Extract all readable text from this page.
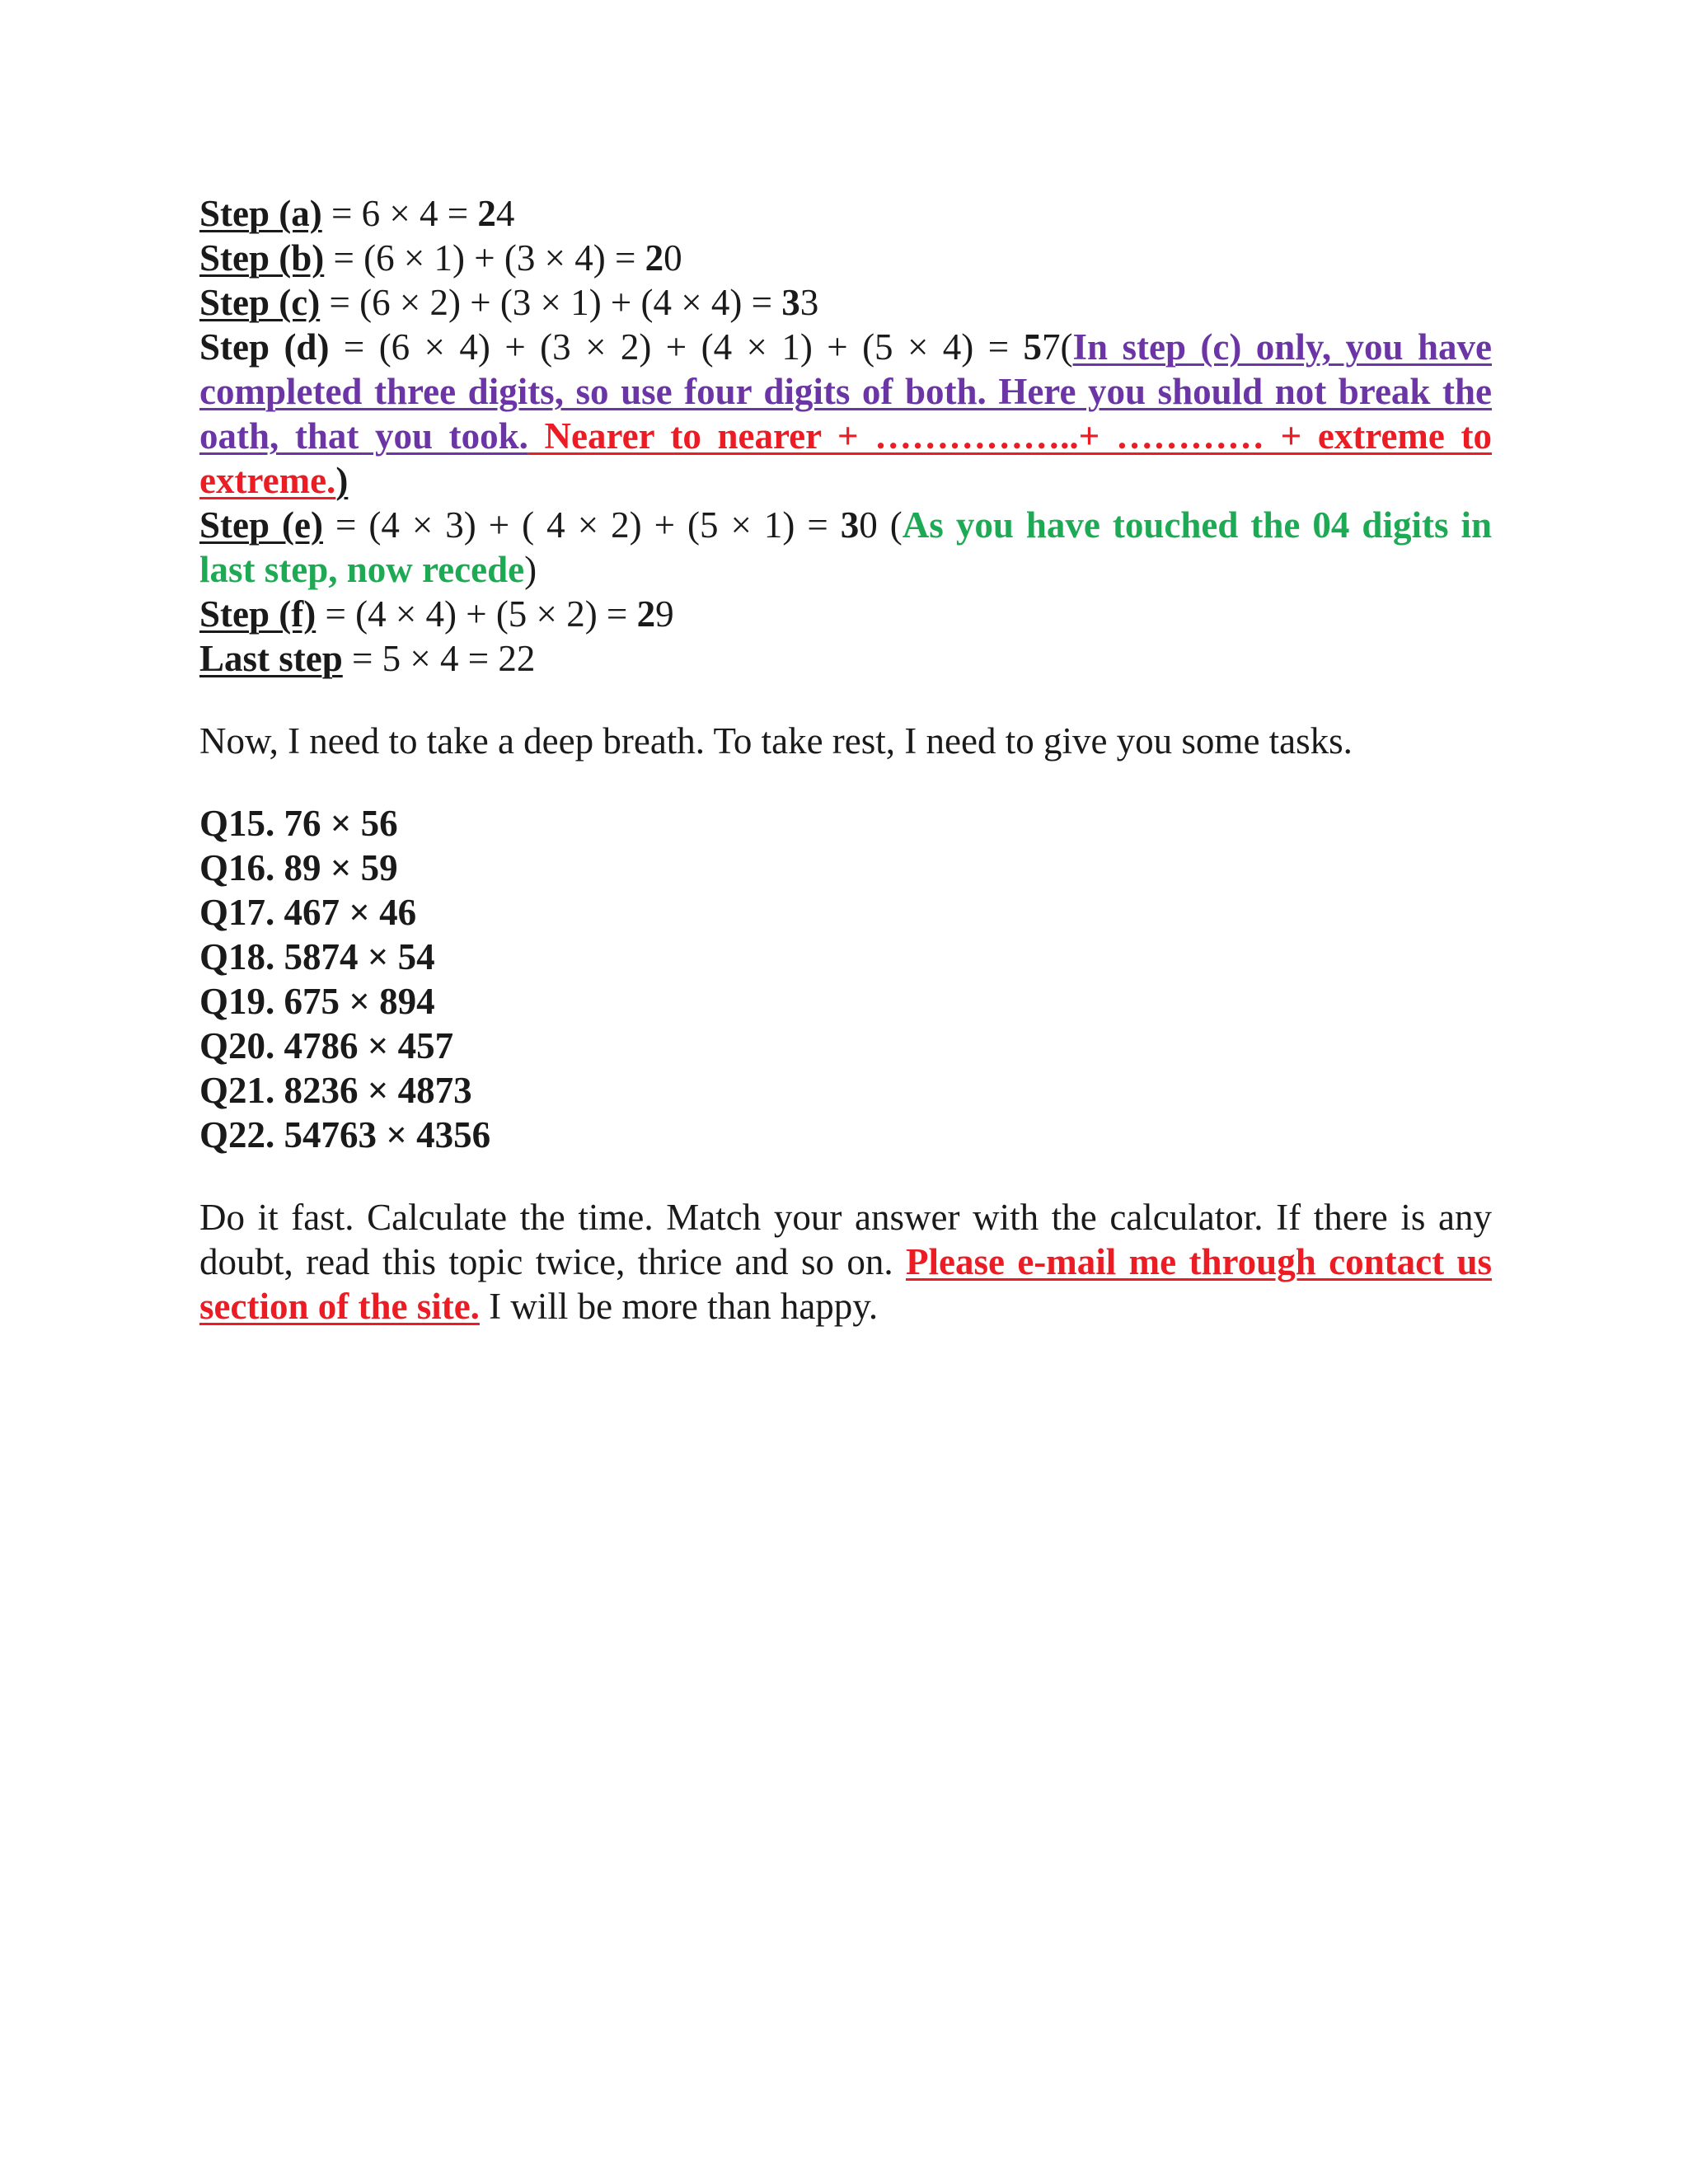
Step (a) = 6 × 4 = 24
Step (b) = (6 × 1) + (3 × 4) = 20
Step (c) = (6 × 2) + (3 × 1) + (4 × 4) = 33
Step (d) = (6 × 4) + (3 × 2) + (4 × 1) + (5 × 4) = 57(In step (c) only, you have
completed three digits, so use four digits of both. Here you should not break the
oath, that you took. Nearer to nearer + ……………..+ ………… + extreme to
extreme.)
Step (e) = (4 × 3) + ( 4 × 2) + (5 × 1) = 30 (As you have touched the 04 digits in
last step, now recede)
Step (f) = (4 × 4) + (5 × 2) = 29
Last step = 5 × 4 = 22
Now, I need to take a deep breath. To take rest, I need to give you some tasks.
Q15. 76 × 56
Q16. 89 × 59
Q17. 467 × 46
Q18. 5874 × 54
Q19. 675 × 894
Q20. 4786 × 457
Q21. 8236 × 4873
Q22. 54763 × 4356
Do it fast. Calculate the time. Match your answer with the calculator. If there is any
doubt, read this topic twice, thrice and so on. Please e-mail me through contact us
section of the site. I will be more than happy.
